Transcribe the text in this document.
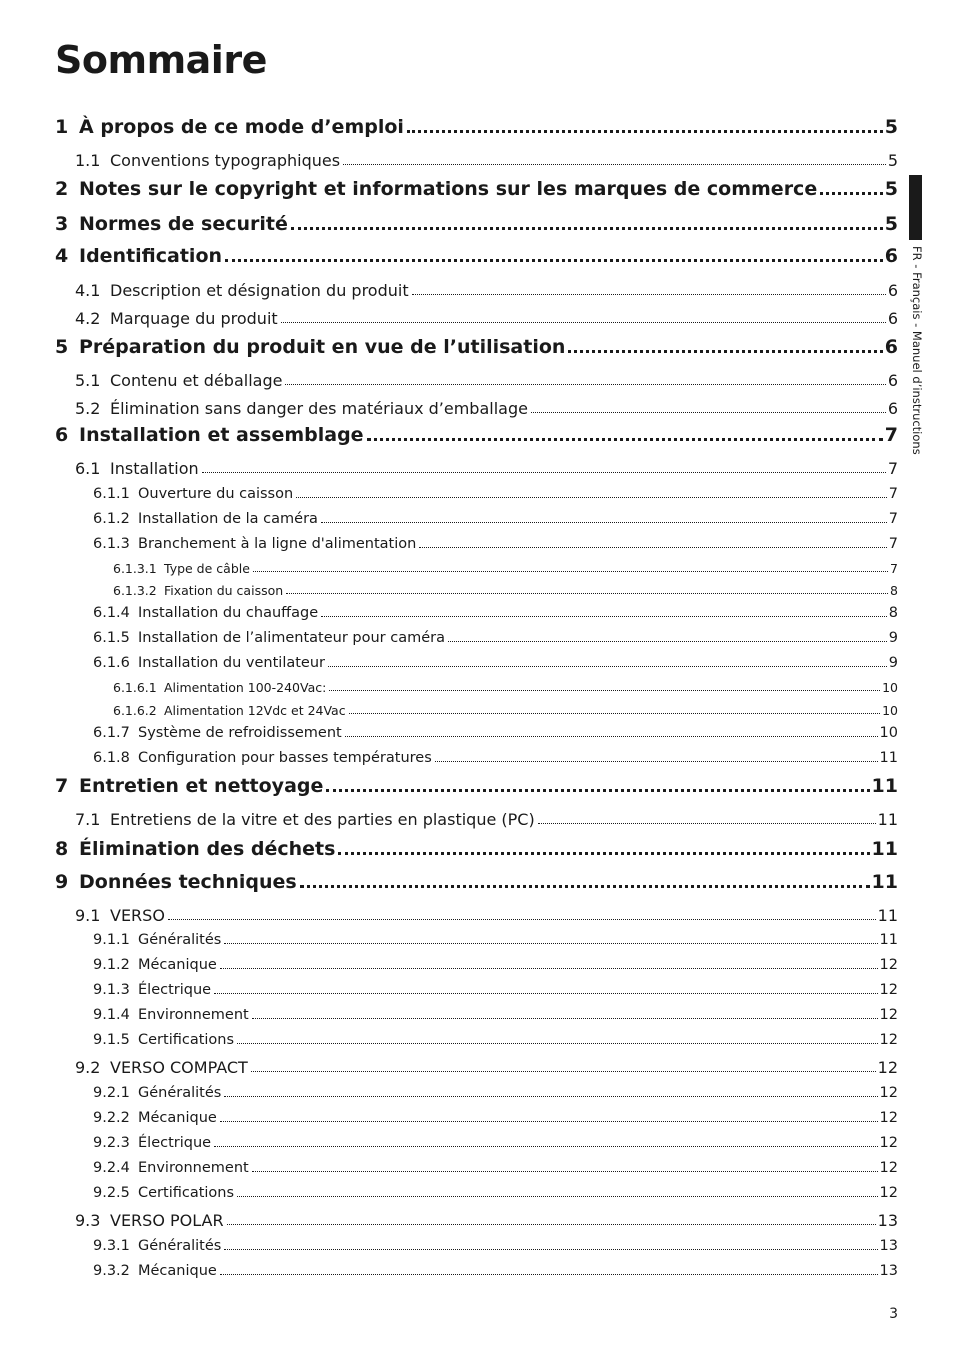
Sommaire
1 À propos de ce mode d’emploi	5
1.1 Conventions typographiques	5
2 Notes sur le copyright et informations sur les marques de commerce	5
3 Normes de securité	5
4 Identification	6
4.1 Description et désignation du produit	6
4.2 Marquage du produit	6
5 Préparation du produit en vue de l’utilisation	6
5.1 Contenu et déballage	6
5.2 Élimination sans danger des matériaux d’emballage	6
6 Installation et assemblage	7
6.1 Installation	7
6.1.1 Ouverture du caisson	7
6.1.2 Installation de la caméra	7
6.1.3 Branchement à la ligne d'alimentation	7
6.1.3.1 Type de câble	7
6.1.3.2 Fixation du caisson	8
6.1.4 Installation du chauffage	8
6.1.5 Installation de l’alimentateur pour caméra	9
6.1.6 Installation du ventilateur	9
6.1.6.1 Alimentation 100-240Vac:	10
6.1.6.2 Alimentation 12Vdc et 24Vac	10
6.1.7 Système de refroidissement	10
6.1.8 Configuration pour basses températures	11
7 Entretien et nettoyage	11
7.1 Entretiens de la vitre et des parties en plastique (PC)	11
8 Élimination des déchets	11
9 Données techniques	11
9.1 VERSO	11
9.1.1 Généralités	11
9.1.2 Mécanique	12
9.1.3 Électrique	12
9.1.4 Environnement	12
9.1.5 Certifications	12
9.2 VERSO COMPACT	12
9.2.1 Généralités	12
9.2.2 Mécanique	12
9.2.3 Électrique	12
9.2.4 Environnement	12
9.2.5 Certifications	12
9.3 VERSO POLAR	13
9.3.1 Généralités	13
9.3.2 Mécanique	13
FR - Français - Manuel d’instructions
3
